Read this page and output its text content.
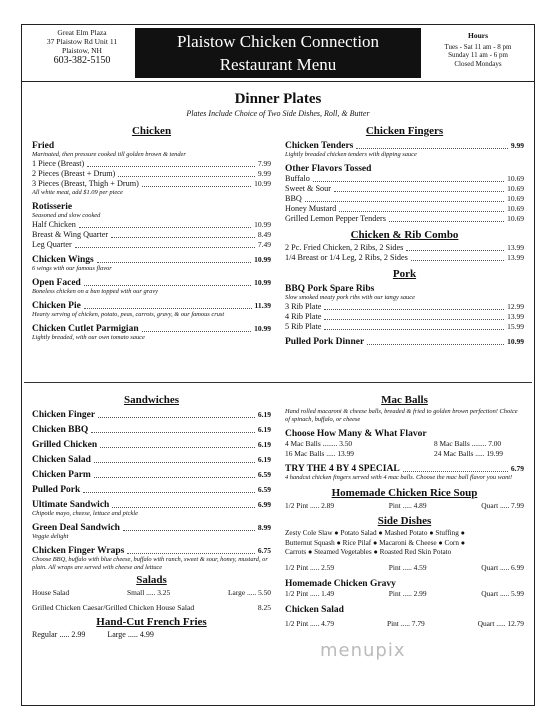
Great Elm Plaza
37 Plaistow Rd Unit 11
Plaistow, NH
603-382-5150
Plaistow Chicken Connection
Restaurant Menu
Hours
Tues - Sat 11 am - 8 pm
Sunday 11 am - 6 pm
Closed Mondays
Dinner Plates
Plates Include Choice of Two Side Dishes, Roll, & Butter
Chicken
Fried
Marinated, then pressure cooked till golden brown & tender
1 Piece (Breast)	7.99
2 Pieces (Breast + Drum)	9.99
3 Pieces (Breast, Thigh + Drum)	10.99
All white meat, add $1.09 per piece
Rotisserie
Seasoned and slow cooked
Half Chicken	10.99
Breast & Wing Quarter	8.49
Leg Quarter	7.49
Chicken Wings	10.99
6 wings with our famous flavor
Open Faced	10.99
Boneless chicken on a bun topped with our gravy
Chicken Pie	11.39
Hearty serving of chicken, potato, peas, carrots, gravy, & our famous crust
Chicken Cutlet Parmigian	10.99
Lightly breaded, with our own tomato sauce
Chicken Fingers
Chicken Tenders	9.99
Lightly breaded chicken tenders with dipping sauce
Other Flavors Tossed
Buffalo	10.69
Sweet & Sour	10.69
BBQ	10.69
Honey Mustard	10.69
Grilled Lemon Pepper Tenders	10.69
Chicken & Rib Combo
2 Pc. Fried Chicken, 2 Ribs, 2 Sides	13.99
1/4 Breast or 1/4 Leg, 2 Ribs, 2 Sides	13.99
Pork
BBQ Pork Spare Ribs
Slow smoked meaty pork ribs with our tangy sauce
3 Rib Plate	12.99
4 Rib Plate	13.99
5 Rib Plate	15.99
Pulled Pork Dinner	10.99
Sandwiches
Chicken Finger	6.19
Chicken BBQ	6.19
Grilled Chicken	6.19
Chicken Salad	6.19
Chicken Parm	6.59
Pulled Pork	6.59
Ultimate Sandwich	6.99
Chipotle mayo, cheese, lettuce and pickle
Green Deal Sandwich	8.99
Veggie delight
Chicken Finger Wraps	6.75
Choose BBQ, buffalo with blue cheese, buffalo with ranch, sweet & sour, honey, mustard, or plain. All wraps are served with cheese and lettuce
Salads
House Salad	Small ..... 3.25	Large ..... 5.50
Grilled Chicken Caesar/Grilled Chicken House Salad	8.25
Hand-Cut French Fries
Regular ..... 2.99	Large ..... 4.99
Mac Balls
Hand rolled macaroni & cheese balls, breaded & fried to golden brown perfection! Choice of spinach, buffalo, or cheese
Choose How Many & What Flavor
4 Mac Balls ........ 3.50	8 Mac Balls ........ 7.00
16 Mac Balls ..... 13.99	24 Mac Balls ..... 19.99
TRY THE 4 BY 4 SPECIAL	6.79
4 handcut chicken fingers served with 4 mac balls. Choose the mac ball flavor you want!
Homemade Chicken Rice Soup
1/2 Pint ..... 2.89	Pint ..... 4.89	Quart ..... 7.99
Side Dishes
Zesty Cole Slaw ● Potato Salad ● Mashed Potato ● Stuffing ●
Butternut Squash ● Rice Pilaf ● Macaroni & Cheese ● Corn ●
Carrots ● Steamed Vegetables ● Roasted Red Skin Potato
1/2 Pint ..... 2.59	Pint ..... 4.59	Quart ..... 6.99
Homemade Chicken Gravy
1/2 Pint ..... 1.49	Pint ..... 2.99	Quart ..... 5.99
Chicken Salad
1/2 Pint ..... 4.79	Pint ..... 7.79	Quart ..... 12.79
menupix
